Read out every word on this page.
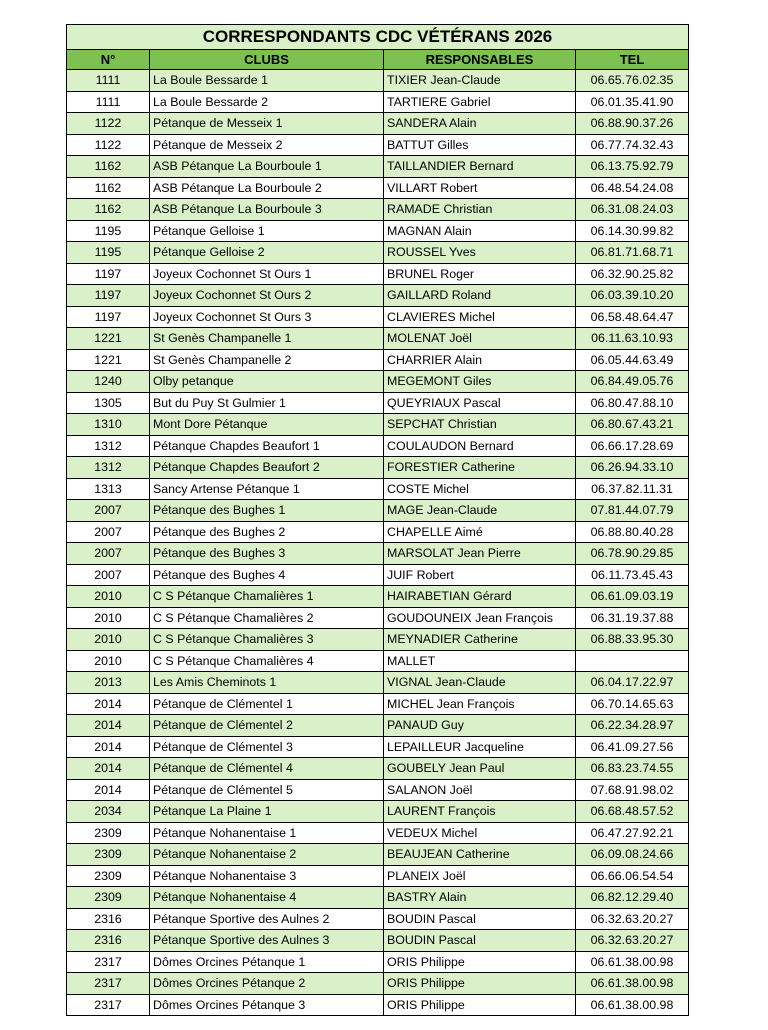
CORRESPONDANTS CDC VÉTÉRANS 2026			
N°	CLUBS	RESPONSABLES	TEL
1111	La Boule Bessarde 1	TIXIER Jean-Claude	06.65.76.02.35
1111	La Boule Bessarde 2	TARTIERE Gabriel	06.01.35.41.90
1122	Pétanque de Messeix 1	SANDERA Alain	06.88.90.37.26
1122	Pétanque de Messeix 2	BATTUT Gilles	06.77.74.32.43
1162	ASB Pétanque La Bourboule 1	TAILLANDIER Bernard	06.13.75.92.79
1162	ASB Pétanque La Bourboule 2	VILLART Robert	06.48.54.24.08
1162	ASB Pétanque La Bourboule 3	RAMADE Christian	06.31.08.24.03
1195	Pétanque Gelloise 1	MAGNAN Alain	06.14.30.99.82
1195	Pétanque Gelloise 2	ROUSSEL Yves	06.81.71.68.71
1197	Joyeux Cochonnet St Ours 1	BRUNEL Roger	06.32.90.25.82
1197	Joyeux Cochonnet St Ours 2	GAILLARD Roland	06.03.39.10.20
1197	Joyeux Cochonnet St Ours 3	CLAVIERES Michel	06.58.48.64.47
1221	St Genès Champanelle 1	MOLENAT Joël	06.11.63.10.93
1221	St Genès Champanelle 2	CHARRIER Alain	06.05.44.63.49
1240	Olby petanque	MEGEMONT Giles	06.84.49.05.76
1305	But du Puy St Gulmier 1	QUEYRIAUX Pascal	06.80.47.88.10
1310	Mont Dore Pétanque	SEPCHAT Christian	06.80.67.43.21
1312	Pétanque Chapdes Beaufort 1	COULAUDON Bernard	06.66.17.28.69
1312	Pétanque Chapdes Beaufort 2	FORESTIER Catherine	06.26.94.33.10
1313	Sancy Artense Pétanque 1	COSTE Michel	06.37.82.11.31
2007	Pétanque des Bughes 1	MAGE Jean-Claude	07.81.44.07.79
2007	Pétanque des Bughes 2	CHAPELLE Aimé	06.88.80.40.28
2007	Pétanque des Bughes 3	MARSOLAT Jean Pierre	06.78.90.29.85
2007	Pétanque des Bughes 4	JUIF Robert	06.11.73.45.43
2010	C S Pétanque Chamalières 1	HAIRABETIAN Gérard	06.61.09.03.19
2010	C S Pétanque Chamalières 2	GOUDOUNEIX Jean François	06.31.19.37.88
2010	C S Pétanque Chamalières 3	MEYNADIER Catherine	06.88.33.95.30
2010	C S Pétanque Chamalières 4	MALLET	
2013	Les Amis Cheminots 1	VIGNAL Jean-Claude	06.04.17.22.97
2014	Pétanque de Clémentel 1	MICHEL Jean François	06.70.14.65.63
2014	Pétanque de Clémentel 2	PANAUD Guy	06.22.34.28.97
2014	Pétanque de Clémentel 3	LEPAILLEUR Jacqueline	06.41.09.27.56
2014	Pétanque de Clémentel 4	GOUBELY Jean Paul	06.83.23.74.55
2014	Pétanque de Clémentel 5	SALANON Joël	07.68.91.98.02
2034	Pétanque La Plaine 1	LAURENT François	06.68.48.57.52
2309	Pétanque Nohanentaise 1	VEDEUX Michel	06.47.27.92.21
2309	Pétanque Nohanentaise 2	BEAUJEAN Catherine	06.09.08.24.66
2309	Pétanque Nohanentaise 3	PLANEIX Joël	06.66.06.54.54
2309	Pétanque Nohanentaise 4	BASTRY Alain	06.82.12.29.40
2316	Pétanque Sportive des Aulnes 2	BOUDIN Pascal	06.32.63.20.27
2316	Pétanque Sportive des Aulnes 3	BOUDIN Pascal	06.32.63.20.27
2317	Dômes Orcines Pétanque 1	ORIS Philippe	06.61.38.00.98
2317	Dômes Orcines Pétanque 2	ORIS Philippe	06.61.38.00.98
2317	Dômes Orcines Pétanque 3	ORIS Philippe	06.61.38.00.98
